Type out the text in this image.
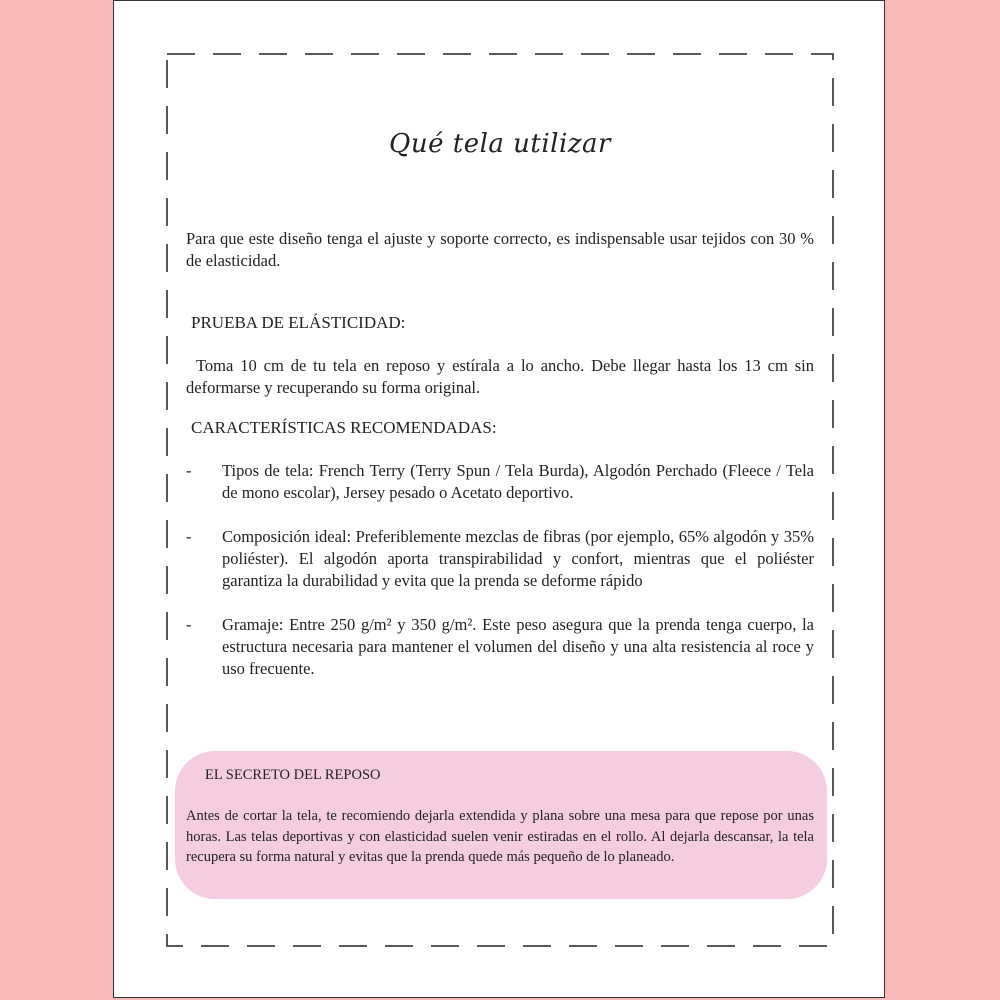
Qué tela utilizar
Para que este diseño tenga el ajuste y soporte correcto, es indispensable usar tejidos con 30 % de elasticidad.
PRUEBA DE ELÁSTICIDAD:
Toma 10 cm de tu tela en reposo y estírala a lo ancho. Debe llegar hasta los 13 cm sin deformarse y recuperando su forma original.
CARACTERÍSTICAS RECOMENDADAS:
-	Tipos de tela: French Terry (Terry Spun / Tela Burda), Algodón Perchado (Fleece / Tela de mono escolar), Jersey pesado o Acetato deportivo.
-	Composición ideal: Preferiblemente mezclas de fibras (por ejemplo, 65% algodón y 35% poliéster). El algodón aporta transpirabilidad y confort, mientras que el poliéster garantiza la durabilidad y evita que la prenda se deforme rápido
-	Gramaje: Entre 250 g/m² y 350 g/m². Este peso asegura que la prenda tenga cuerpo, la estructura necesaria para mantener el volumen del diseño y una alta resistencia al roce y uso frecuente.
EL SECRETO DEL REPOSO
Antes de cortar la tela, te recomiendo dejarla extendida y plana sobre una mesa para que repose por unas horas. Las telas deportivas y con elasticidad suelen venir estiradas en el rollo. Al dejarla descansar, la tela recupera su forma natural y evitas que la prenda quede más pequeño de lo planeado.
